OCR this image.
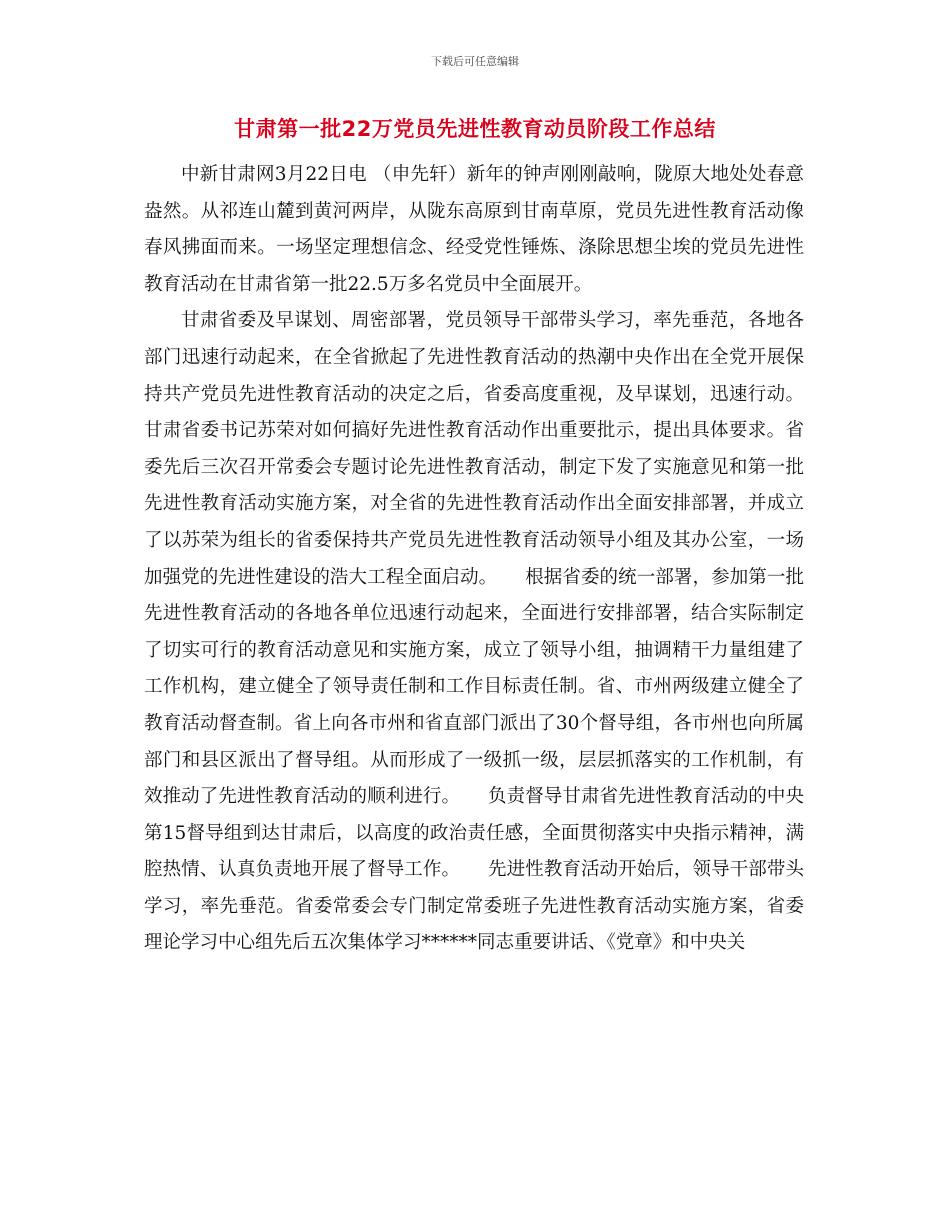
下载后可任意编辑
甘肃第一批22万党员先进性教育动员阶段工作总结

中新甘肃网3月22日电 （申先轩）新年的钟声刚刚敲响，陇原大地处处春意盎然。从祁连山麓到黄河两岸，从陇东高原到甘南草原，党员先进性教育活动像春风拂面而来。一场坚定理想信念、经受党性锤炼、涤除思想尘埃的党员先进性教育活动在甘肃省第一批22.5万多名党员中全面展开。

甘肃省委及早谋划、周密部署，党员领导干部带头学习，率先垂范，各地各部门迅速行动起来，在全省掀起了先进性教育活动的热潮中央作出在全党开展保持共产党员先进性教育活动的决定之后，省委高度重视，及早谋划，迅速行动。甘肃省委书记苏荣对如何搞好先进性教育活动作出重要批示，提出具体要求。省委先后三次召开常委会专题讨论先进性教育活动，制定下发了实施意见和第一批先进性教育活动实施方案，对全省的先进性教育活动作出全面安排部署，并成立了以苏荣为组长的省委保持共产党员先进性教育活动领导小组及其办公室，一场加强党的先进性建设的浩大工程全面启动。　　根据省委的统一部署，参加第一批先进性教育活动的各地各单位迅速行动起来，全面进行安排部署，结合实际制定了切实可行的教育活动意见和实施方案，成立了领导小组，抽调精干力量组建了工作机构，建立健全了领导责任制和工作目标责任制。省、市州两级建立健全了教育活动督查制。省上向各市州和省直部门派出了30个督导组，各市州也向所属部门和县区派出了督导组。从而形成了一级抓一级，层层抓落实的工作机制，有效推动了先进性教育活动的顺利进行。　　负责督导甘肃省先进性教育活动的中央第15督导组到达甘肃后，以高度的政治责任感，全面贯彻落实中央指示精神，满腔热情、认真负责地开展了督导工作。　　先进性教育活动开始后，领导干部带头学习，率先垂范。省委常委会专门制定常委班子先进性教育活动实施方案，省委理论学习中心组先后五次集体学习******同志重要讲话、《党章》和中央关
